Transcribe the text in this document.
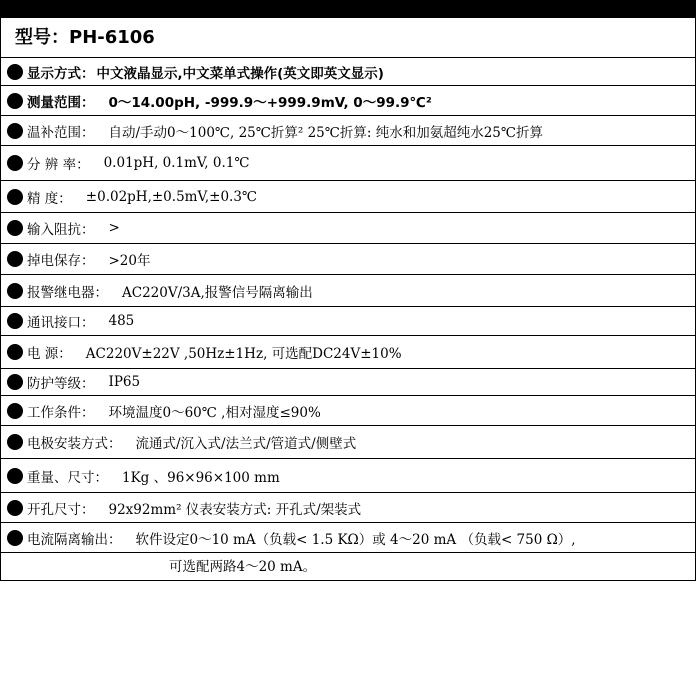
型号：PH-6106
显示方式： 中文液晶显示,中文菜单式操作(英文即英文显示)
测量范围： 0～14.00pH, -999.9～+999.9mV, 0～99.9℃²
温补范围： 自动/手动0～100℃, 25℃折算² 25℃折算: 纯水和加氨超纯水25℃折算
分 辨 率： 0.01pH, 0.1mV, 0.1℃
精 度： ±0.02pH,±0.5mV,±0.3℃
输入阻抗： >
掉电保存： >20年
报警继电器： AC220V/3A,报警信号隔离输出
通讯接口： 485
电 源： AC220V±22V ,50Hz±1Hz, 可选配DC24V±10%
防护等级： IP65
工作条件： 环境温度0～60℃ ,相对湿度≤90%
电极安装方式： 流通式/沉入式/法兰式/管道式/侧壁式
重量、尺寸： 1Kg 、96×96×100 mm
开孔尺寸： 92x92mm² 仪表安装方式: 开孔式/架装式
电流隔离输出： 软件设定0～10 mA（负载< 1.5 KΩ）或 4～20 mA （负载< 750 Ω）,
可选配两路4～20 mA。
